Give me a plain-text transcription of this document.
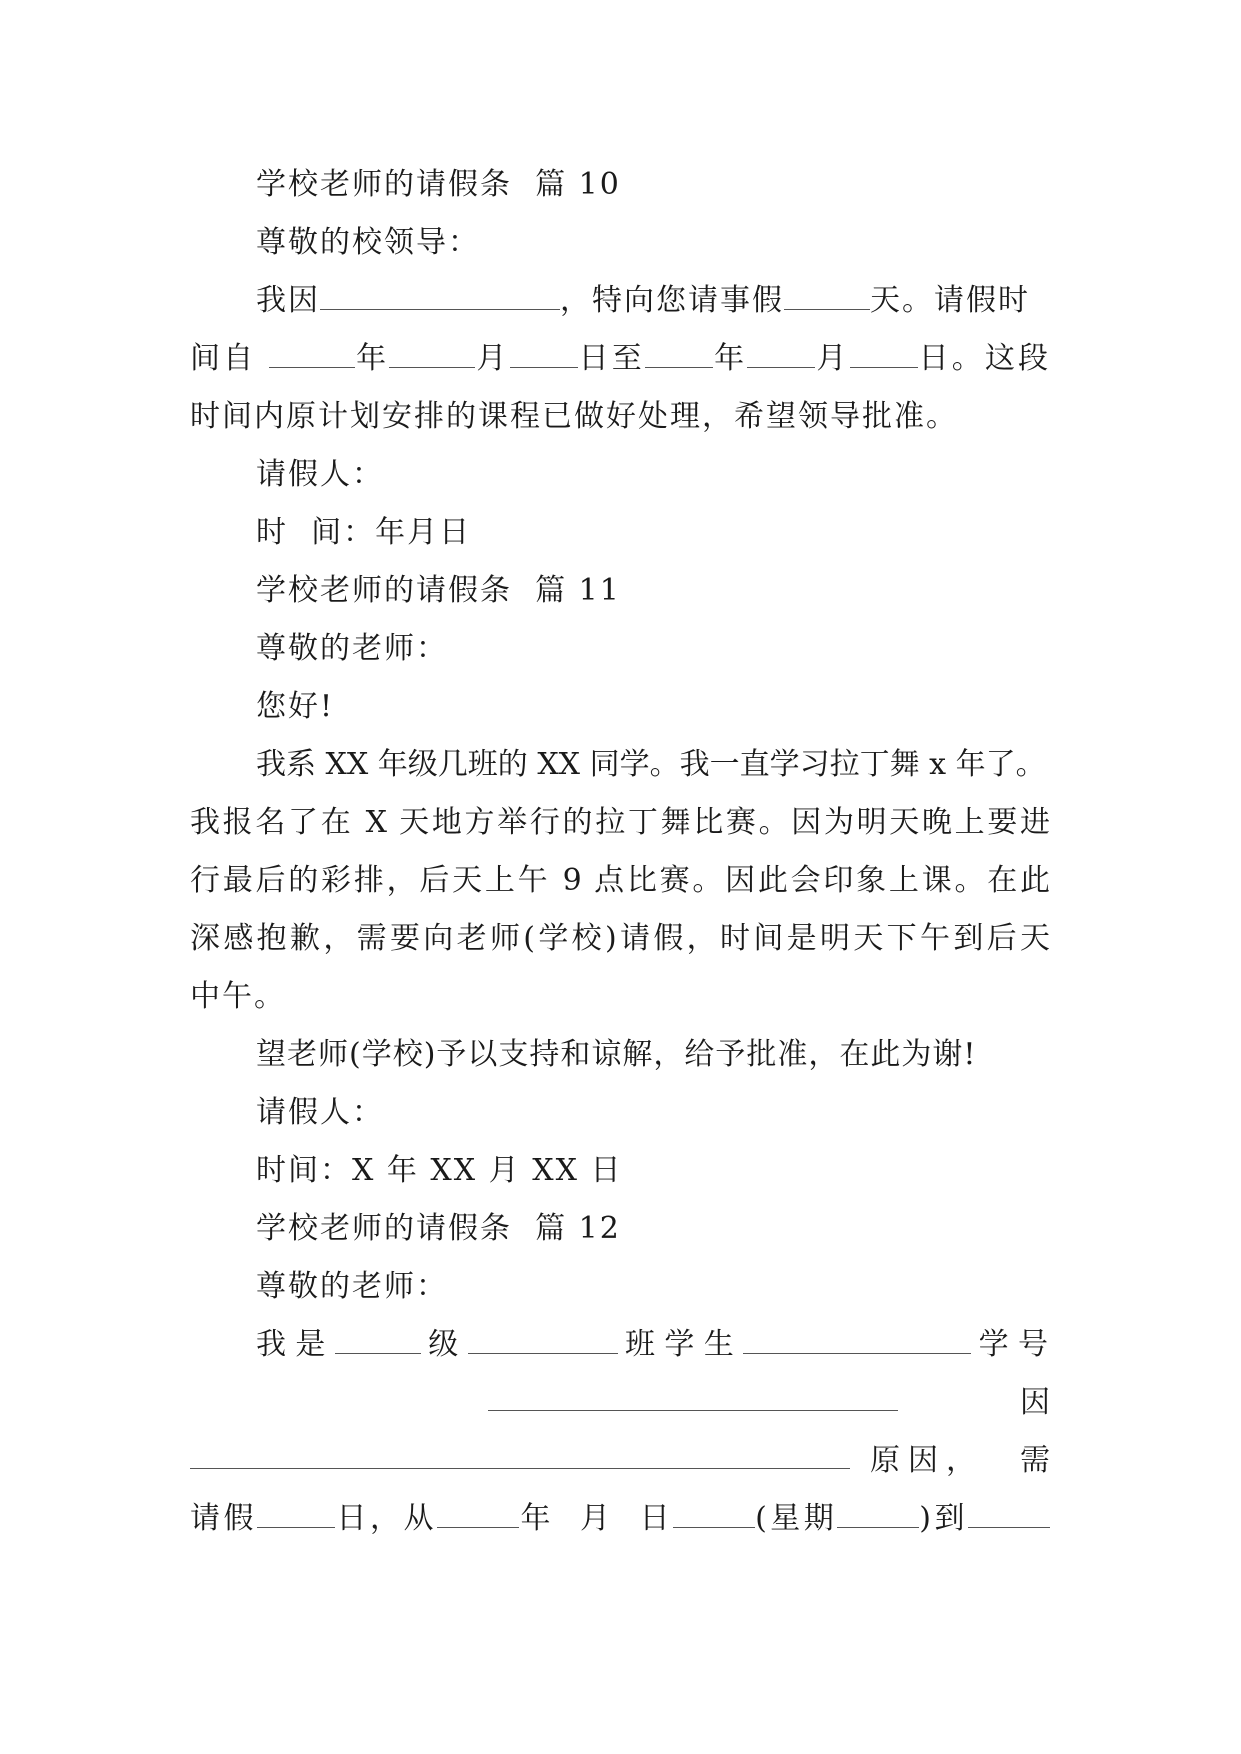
学校老师的请假条  篇 10
尊敬的校领导：
我因	，特向您请事假	天。请假时
间自	年	月 日至 年 月 日。这段
时间内原计划安排的课程已做好处理，希望领导批准。
请假人：
时  间：年月日
学校老师的请假条  篇 11
尊敬的老师：
您好!
我系 XX 年级几班的 XX 同学。我一直学习拉丁舞 x 年了。
我报名了在 X 天地方举行的拉丁舞比赛。因为明天晚上要进
行最后的彩排，后天上午 9 点比赛。因此会印象上课。在此
深感抱歉，需要向老师(学校)请假，时间是明天下午到后天
中午。
望老师(学校)予以支持和谅解，给予批准，在此为谢!
请假人：
时间：X 年 XX 月 XX 日
学校老师的请假条  篇 12
尊敬的老师：
我是	级	班学生	学号
因
原因，	需
请假	日，从	年  月  日	(星期	)到
